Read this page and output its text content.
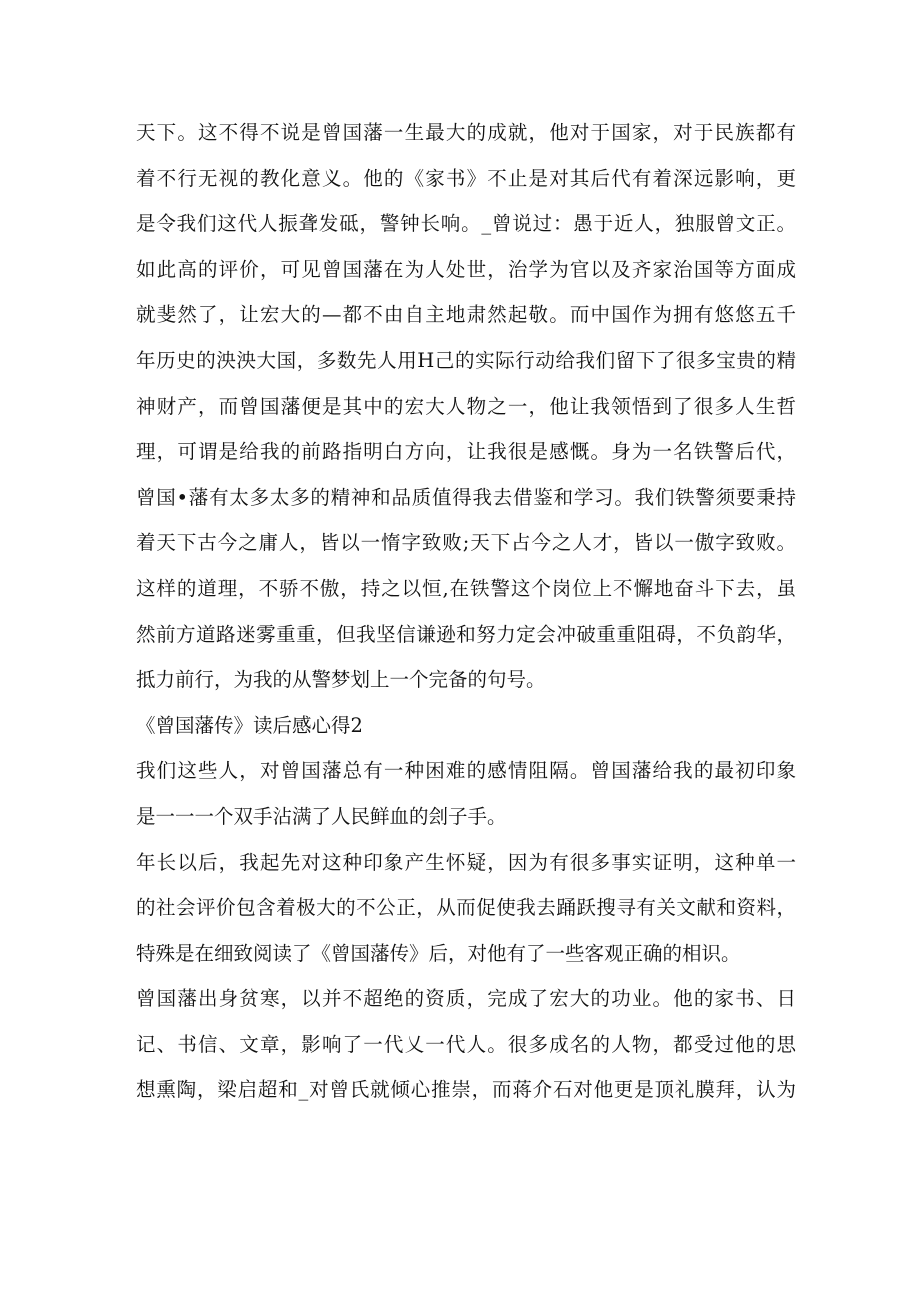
天下。这不得不说是曾国藩一生最大的成就，他对于国家，对于民族都有
着不行无视的教化意义。他的《家书》不止是对其后代有着深远影响，更
是令我们这代人振聋发砥，警钟长响。_曾说过：愚于近人，独服曾文正。
如此高的评价，可见曾国藩在为人处世，治学为官以及齐家治国等方面成
就斐然了，让宏大的—都不由自主地肃然起敬。而中国作为拥有悠悠五千
年历史的泱泱大国，多数先人用H己的实际行动给我们留下了很多宝贵的精
神财产，而曾国藩便是其中的宏大人物之一，他让我领悟到了很多人生哲
理，可谓是给我的前路指明白方向，让我很是感慨。身为一名铁警后代，
曾国•藩有太多太多的精神和品质值得我去借鉴和学习。我们铁警须要秉持
着天下古今之庸人，皆以一惰字致败;天下占今之人才，皆以一傲字致败。
这样的道理，不骄不傲，持之以恒,在铁警这个岗位上不懈地奋斗下去，虽
然前方道路迷雾重重，但我坚信谦逊和努力定会冲破重重阻碍，不负韵华，
抵力前行，为我的从警梦划上一个完备的句号。
《曾国藩传》读后感心得2
我们这些人，对曾国藩总有一种困难的感情阻隔。曾国藩给我的最初印象
是一一一个双手沾满了人民鲜血的刽子手。
年长以后，我起先对这种印象产生怀疑，因为有很多事实证明，这种单一
的社会评价包含着极大的不公正，从而促使我去踊跃搜寻有关文献和资料，
特殊是在细致阅读了《曾国藩传》后，对他有了一些客观正确的相识。
曾国藩出身贫寒，以并不超绝的资质，完成了宏大的功业。他的家书、日
记、书信、文章，影响了一代乂一代人。很多成名的人物，都受过他的思
想熏陶，梁启超和_对曾氏就倾心推崇，而蒋介石对他更是顶礼膜拜，认为
